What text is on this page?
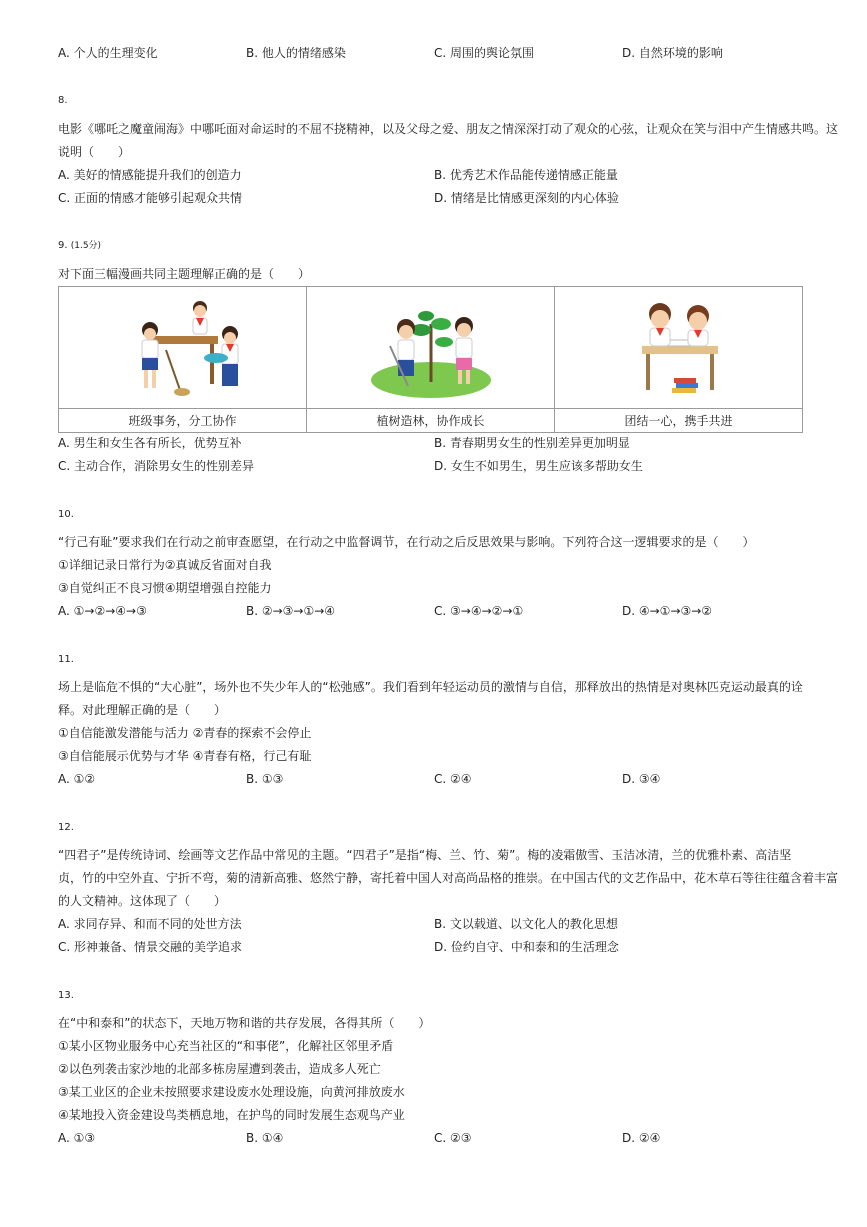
A. 个人的生理变化	B. 他人的情绪感染	C. 周围的舆论氛围	D. 自然环境的影响
8.
电影《哪吒之魔童闹海》中哪吒面对命运时的不屈不挠精神，以及父母之爱、朋友之情深深打动了观众的心弦，让观众在笑与泪中产生情感共鸣。这
说明（　　）
A. 美好的情感能提升我们的创造力	B. 优秀艺术作品能传递情感正能量
C. 正面的情感才能够引起观众共情	D. 情绪是比情感更深刻的内心体验
9. (1.5分)
对下面三幅漫画共同主题理解正确的是（　　）

班级事务，分工协作	植树造林，协作成长	团结一心，携手共进
A. 男生和女生各有所长，优势互补	B. 青春期男女生的性别差异更加明显
C. 主动合作，消除男女生的性别差异	D. 女生不如男生，男生应该多帮助女生
10.
“行己有耻”要求我们在行动之前审查愿望，在行动之中监督调节，在行动之后反思效果与影响。下列符合这一逻辑要求的是（　　）
①详细记录日常行为②真诚反省面对自我
③自觉纠正不良习惯④期望增强自控能力
A. ①→②→④→③	B. ②→③→①→④	C. ③→④→②→①	D. ④→①→③→②
11.
场上是临危不惧的“大心脏”，场外也不失少年人的“松弛感”。我们看到年轻运动员的激情与自信，那释放出的热情是对奥林匹克运动最真的诠
释。对此理解正确的是（　　）
①自信能激发潜能与活力 ②青春的探索不会停止
③自信能展示优势与才华 ④青春有格，行己有耻
A. ①②	B. ①③	C. ②④	D. ③④
12.
“四君子”是传统诗词、绘画等文艺作品中常见的主题。“四君子”是指“梅、兰、竹、菊”。梅的凌霜傲雪、玉洁冰清，兰的优雅朴素、高洁坚
贞，竹的中空外直、宁折不弯，菊的清新高雅、悠然宁静，寄托着中国人对高尚品格的推崇。在中国古代的文艺作品中，花木草石等往往蕴含着丰富
的人文精神。这体现了（　　）
A. 求同存异、和而不同的处世方法	B. 文以载道、以文化人的教化思想
C. 形神兼备、情景交融的美学追求	D. 俭约自守、中和泰和的生活理念
13.
在“中和泰和”的状态下，天地万物和谐的共存发展，各得其所（　　）
①某小区物业服务中心充当社区的“和事佬”，化解社区邻里矛盾
②以色列袭击家沙地的北部多栋房屋遭到袭击，造成多人死亡
③某工业区的企业未按照要求建设废水处理设施，向黄河排放废水
④某地投入资金建设鸟类栖息地，在护鸟的同时发展生态观鸟产业
A. ①③	B. ①④	C. ②③	D. ②④
